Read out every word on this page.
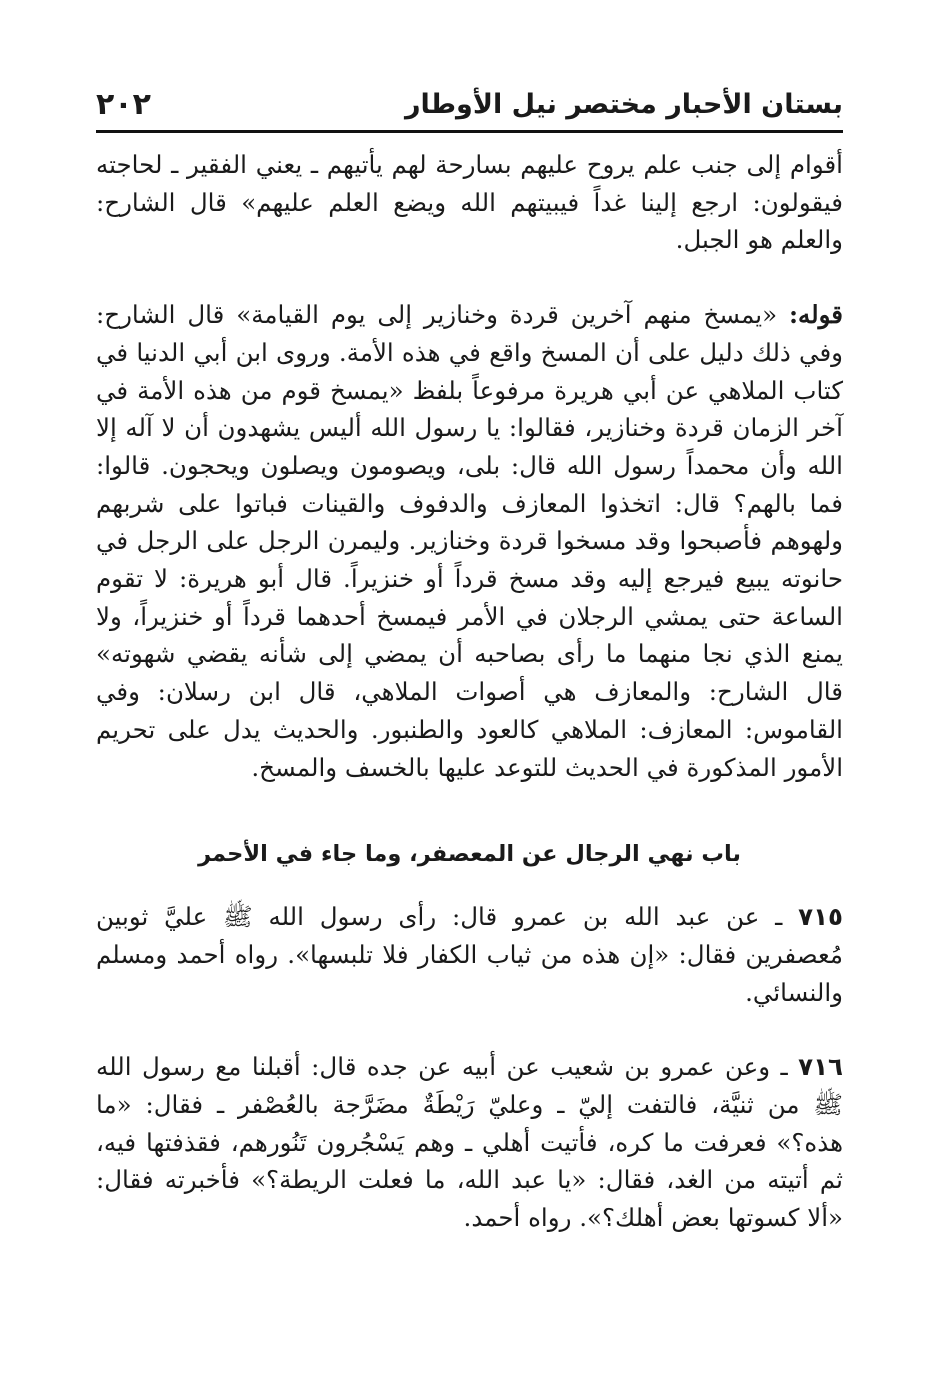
بستان الأحبار مختصر نيل الأوطار
٢٠٢

أقوام إلى جنب علم يروح عليهم بسارحة لهم يأتيهم ـ يعني الفقير ـ لحاجته فيقولون: ارجع إلينا غداً فيبيتهم الله ويضع العلم عليهم» قال الشارح: والعلم هو الجبل.

قوله: «يمسخ منهم آخرين قردة وخنازير إلى يوم القيامة» قال الشارح: وفي ذلك دليل على أن المسخ واقع في هذه الأمة. وروى ابن أبي الدنيا في كتاب الملاهي عن أبي هريرة مرفوعاً بلفظ «يمسخ قوم من هذه الأمة في آخر الزمان قردة وخنازير، فقالوا: يا رسول الله أليس يشهدون أن لا آله إلا الله وأن محمداً رسول الله قال: بلى، ويصومون ويصلون ويحجون. قالوا: فما بالهم؟ قال: اتخذوا المعازف والدفوف والقينات فباتوا على شربهم ولهوهم فأصبحوا وقد مسخوا قردة وخنازير. وليمرن الرجل على الرجل في حانوته يبيع فيرجع إليه وقد مسخ قرداً أو خنزيراً. قال أبو هريرة: لا تقوم الساعة حتى يمشي الرجلان في الأمر فيمسخ أحدهما قرداً أو خنزيراً، ولا يمنع الذي نجا منهما ما رأى بصاحبه أن يمضي إلى شأنه يقضي شهوته» قال الشارح: والمعازف هي أصوات الملاهي، قال ابن رسلان: وفي القاموس: المعازف: الملاهي كالعود والطنبور. والحديث يدل على تحريم الأمور المذكورة في الحديث للتوعد عليها بالخسف والمسخ.

باب نهي الرجال عن المعصفر، وما جاء في الأحمر

٧١٥ ـ عن عبد الله بن عمرو قال: رأى رسول الله ﷺ عليَّ ثوبين مُعصفرين فقال: «إن هذه من ثياب الكفار فلا تلبسها». رواه أحمد ومسلم والنسائي.

٧١٦ ـ وعن عمرو بن شعيب عن أبيه عن جده قال: أقبلنا مع رسول الله ﷺ من ثنيَّة، فالتفت إليّ ـ وعليّ رَيْطَةٌ مضَرَّجة بالعُصْفر ـ فقال: «ما هذه؟» فعرفت ما كره، فأتيت أهلي ـ وهم يَسْجُرون تَنُورهم، فقذفتها فيه، ثم أتيته من الغد، فقال: «يا عبد الله، ما فعلت الريطة؟» فأخبرته فقال: «ألا كسوتها بعض أهلك؟». رواه أحمد.
